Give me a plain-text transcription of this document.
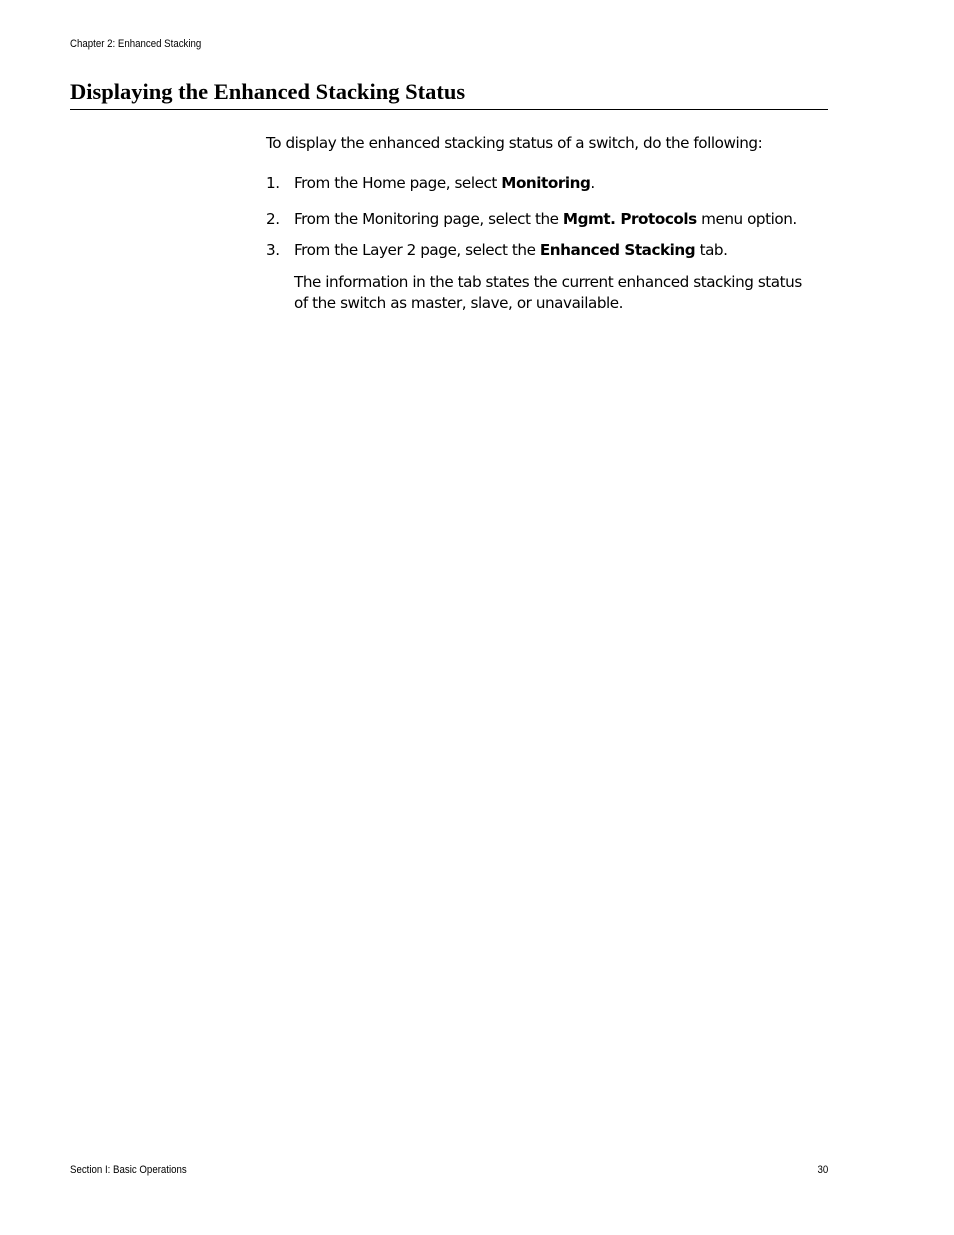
Chapter 2: Enhanced Stacking
Displaying the Enhanced Stacking Status
To display the enhanced stacking status of a switch, do the following:
1. From the Home page, select Monitoring.
2. From the Monitoring page, select the Mgmt. Protocols menu option.
3. From the Layer 2 page, select the Enhanced Stacking tab.
The information in the tab states the current enhanced stacking status of the switch as master, slave, or unavailable.
Section I: Basic Operations	30
